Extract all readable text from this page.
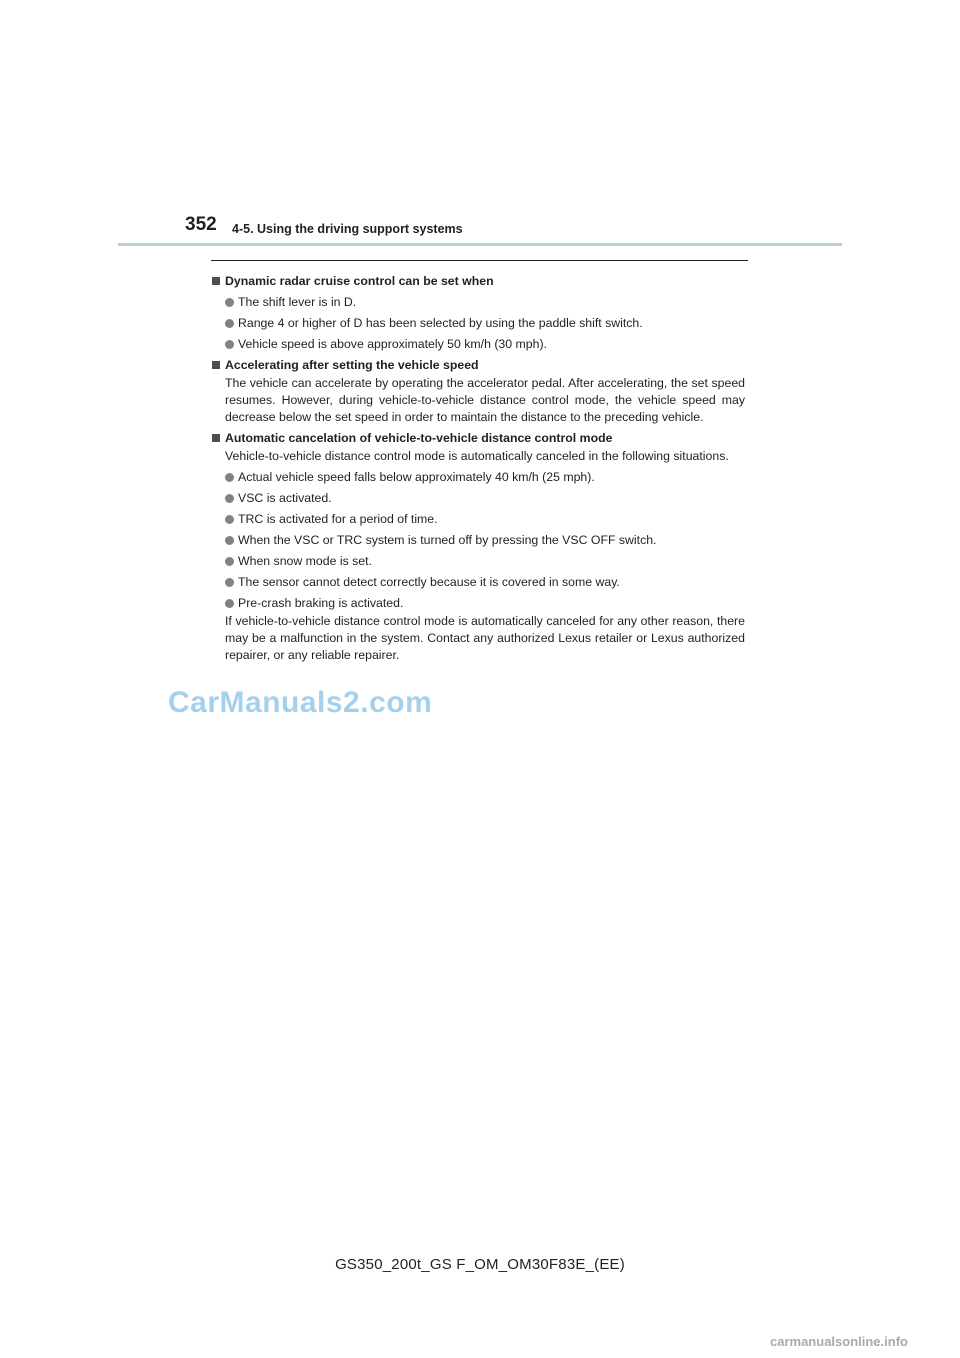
352 4-5. Using the driving support systems
Dynamic radar cruise control can be set when
The shift lever is in D.
Range 4 or higher of D has been selected by using the paddle shift switch.
Vehicle speed is above approximately 50 km/h (30 mph).
Accelerating after setting the vehicle speed
The vehicle can accelerate by operating the accelerator pedal. After accelerating, the set speed resumes. However, during vehicle-to-vehicle distance control mode, the vehicle speed may decrease below the set speed in order to maintain the distance to the preceding vehicle.
Automatic cancelation of vehicle-to-vehicle distance control mode
Vehicle-to-vehicle distance control mode is automatically canceled in the following situations.
Actual vehicle speed falls below approximately 40 km/h (25 mph).
VSC is activated.
TRC is activated for a period of time.
When the VSC or TRC system is turned off by pressing the VSC OFF switch.
When snow mode is set.
The sensor cannot detect correctly because it is covered in some way.
Pre-crash braking is activated.
If vehicle-to-vehicle distance control mode is automatically canceled for any other reason, there may be a malfunction in the system. Contact any authorized Lexus retailer or Lexus authorized repairer, or any reliable repairer.
CarManuals2.com
GS350_200t_GS F_OM_OM30F83E_(EE)
carmanualsonline.info
